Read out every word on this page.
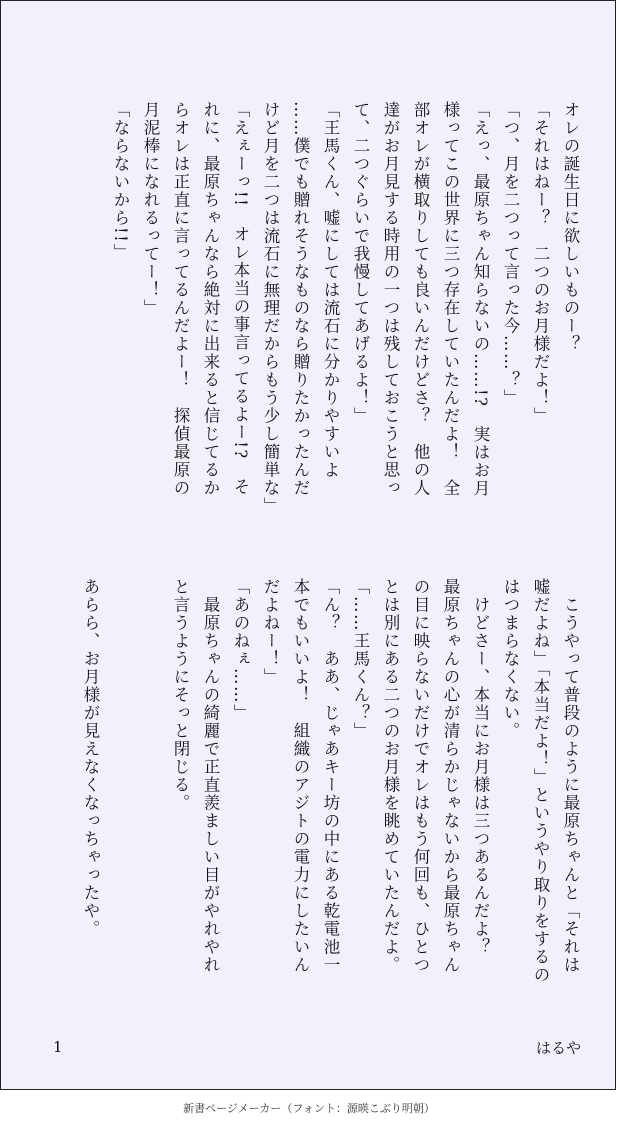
オレの誕生日に欲しいものー？
「それはねー？　二つのお月様だよ！」
「つ、月を二つって言った今……？」
「えっ、最原ちゃん知らないの……!?　実はお月
様ってこの世界に三つ存在していたんだよ！　全
部オレが横取りしても良いんだけどさ？　他の人
達がお月見する時用の一つは残しておこうと思っ
て、二つぐらいで我慢してあげるよ！」
「王馬くん、嘘にしては流石に分かりやすいよ
……僕でも贈れそうなものなら贈りたかったんだ
けど月を二つは流石に無理だからもう少し簡単な」
「えぇーっ!!　オレ本当の事言ってるよー!?　そ
れに、最原ちゃんなら絶対に出来ると信じてるか
らオレは正直に言ってるんだよー！　探偵最原の
月泥棒になれるってー！」
「ならないから!!」
　こうやって普段のように最原ちゃんと「それは
嘘だよね」「本当だよ！」というやり取りをするの
はつまらなくない。
　けどさー、本当にお月様は三つあるんだよ？
最原ちゃんの心が清らかじゃないから最原ちゃん
の目に映らないだけでオレはもう何回も、ひとつ
とは別にある二つのお月様を眺めていたんだよ。
「……王馬くん？」
「ん？　ああ、じゃあキー坊の中にある乾電池一
本でもいいよ！　組織のアジトの電力にしたいん
だよねー！」
「あのねぇ……」
　最原ちゃんの綺麗で正直羨ましい目がやれやれ
と言うようにそっと閉じる。
あらら、お月様が見えなくなっちゃったや。
1	はるや
新書ページメーカー（フォント：源暎こぶり明朝）
